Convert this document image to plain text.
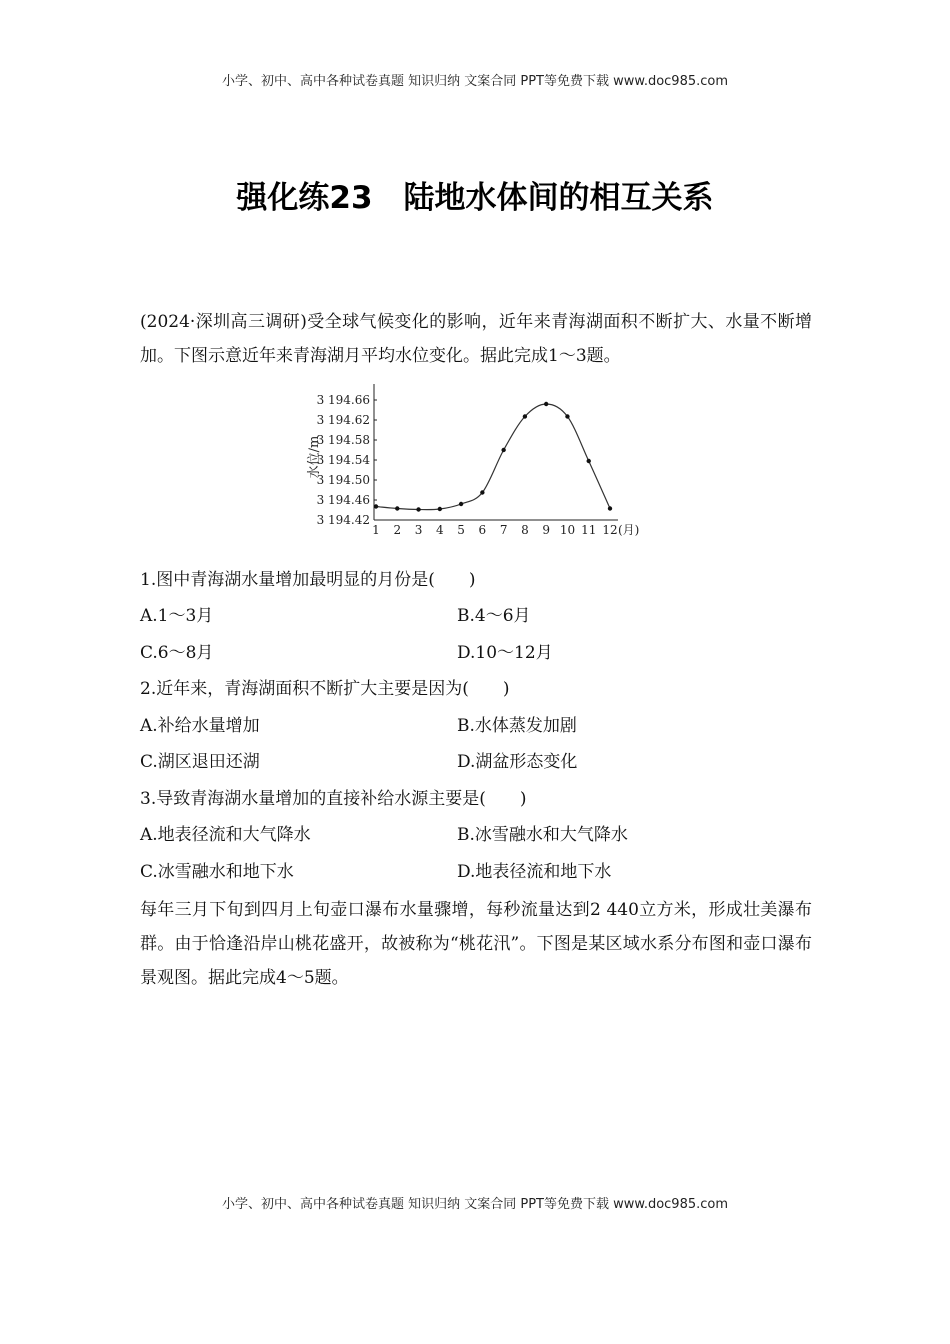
小学、初中、高中各种试卷真题 知识归纳 文案合同 PPT等免费下载 www.doc985.com
强化练23　陆地水体间的相互关系
(2024·深圳高三调研)受全球气候变化的影响，近年来青海湖面积不断扩大、水量不断增加。下图示意近年来青海湖月平均水位变化。据此完成1～3题。
3 194.42
3 194.46
3 194.50
3 194.54
3 194.58
3 194.62
3 194.66
1 2 3 4 5 6 7 8 9 10 11 12
水位/m
(月)
1.图中青海湖水量增加最明显的月份是(　　)
A.1～3月	B.4～6月
C.6～8月	D.10～12月
2.近年来，青海湖面积不断扩大主要是因为(　　)
A.补给水量增加	B.水体蒸发加剧
C.湖区退田还湖	D.湖盆形态变化
3.导致青海湖水量增加的直接补给水源主要是(　　)
A.地表径流和大气降水	B.冰雪融水和大气降水
C.冰雪融水和地下水	D.地表径流和地下水
每年三月下旬到四月上旬壶口瀑布水量骤增，每秒流量达到2 440立方米，形成壮美瀑布群。由于恰逢沿岸山桃花盛开，故被称为“桃花汛”。下图是某区域水系分布图和壶口瀑布景观图。据此完成4～5题。
小学、初中、高中各种试卷真题 知识归纳 文案合同 PPT等免费下载 www.doc985.com
